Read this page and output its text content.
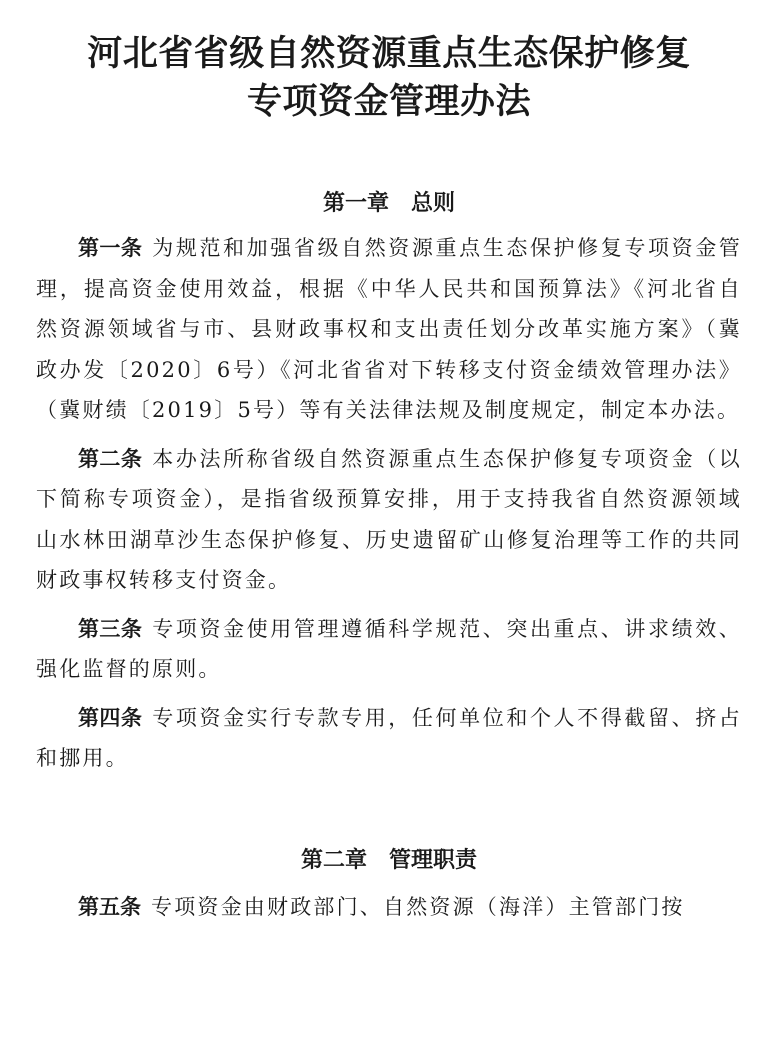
河北省省级自然资源重点生态保护修复
专项资金管理办法
第一章　总则

第一条 为规范和加强省级自然资源重点生态保护修复专项资金管理，提高资金使用效益，根据《中华人民共和国预算法》《河北省自然资源领域省与市、县财政事权和支出责任划分改革实施方案》（冀政办发〔2020〕6号）《河北省省对下转移支付资金绩效管理办法》（冀财绩〔2019〕5号）等有关法律法规及制度规定，制定本办法。

第二条 本办法所称省级自然资源重点生态保护修复专项资金（以下简称专项资金），是指省级预算安排，用于支持我省自然资源领域山水林田湖草沙生态保护修复、历史遗留矿山修复治理等工作的共同财政事权转移支付资金。

第三条 专项资金使用管理遵循科学规范、突出重点、讲求绩效、强化监督的原则。

第四条 专项资金实行专款专用，任何单位和个人不得截留、挤占和挪用。

第二章　管理职责

第五条 专项资金由财政部门、自然资源（海洋）主管部门按
